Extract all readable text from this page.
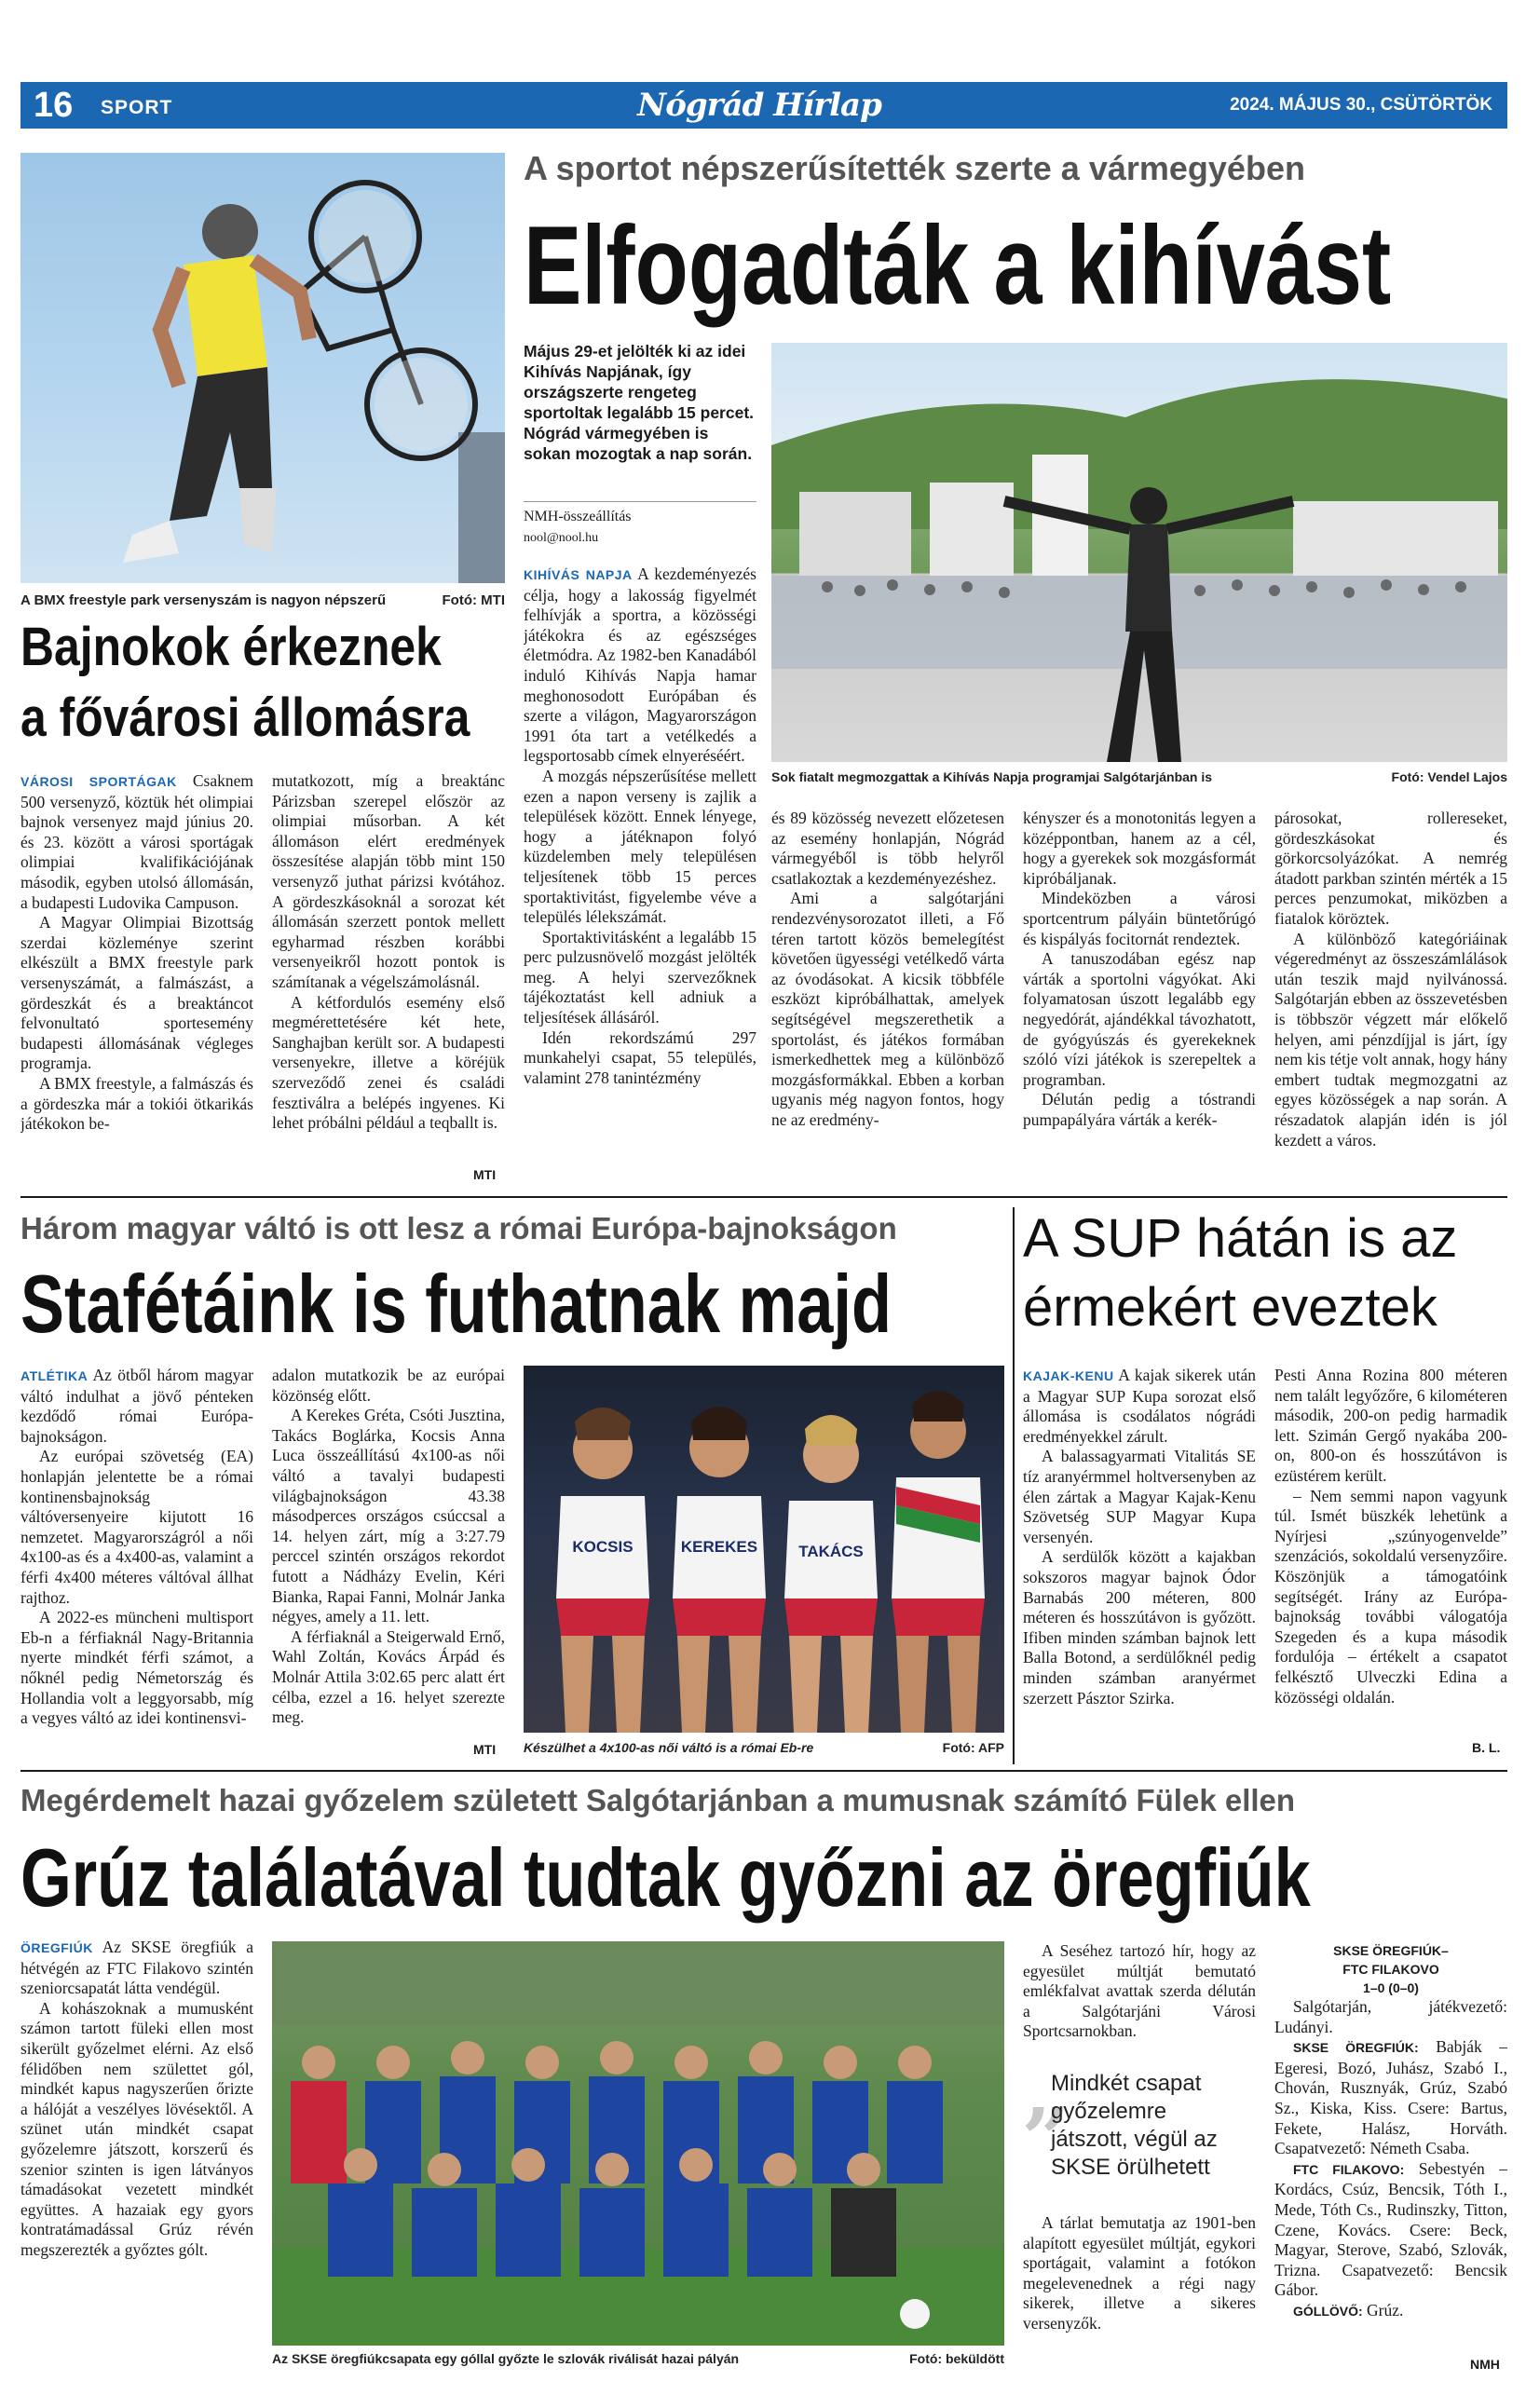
16 SPORT	Nógrád Hírlap	2024. MÁJUS 30., CSÜTÖRTÖK
A BMX freestyle park versenyszám is nagyon népszerű	Fotó: MTI
Bajnokok érkeznek
a fővárosi állomásra

VÁROSI SPORTÁGAK Csaknem 500 versenyző, köztük hét olimpiai bajnok versenyez majd június 20. és 23. között a városi sportágak olimpiai kvalifikációjának második, egyben utolsó állomásán, a budapesti Ludovika Campuson.

A Magyar Olimpiai Bizottság szerdai közleménye szerint elkészült a BMX freestyle park versenyszámát, a falmászást, a gördeszkát és a breaktáncot felvonultató sportesemény budapesti állomásának végleges programja.

A BMX freestyle, a falmászás és a gördeszka már a tokiói ötkarikás játékokon be-

mutatkozott, míg a breaktánc Párizsban szerepel először az olimpiai műsorban. A két állomáson elért eredmények összesítése alapján több mint 150 versenyző juthat párizsi kvótához. A gördeszkásoknál a sorozat két állomásán szerzett pontok mellett egyharmad részben korábbi versenyeikről hozott pontok is számítanak a végelszámolásnál.

A kétfordulós esemény első megmérettetésére két hete, Sanghajban került sor. A budapesti versenyekre, illetve a köréjük szerveződő zenei és családi fesztiválra a belépés ingyenes. Ki lehet próbálni például a teqballt is.

MTI
A sportot népszerűsítették szerte a vármegyében
Elfogadták a kihívást
Május 29-et jelölték ki az idei Kihívás Napjának, így országszerte rengeteg sportoltak legalább 15 percet. Nógrád vármegyében is sokan mozogtak a nap során.
NMH-összeállítás
nool@nool.hu
Sok fiatalt megmozgattak a Kihívás Napja programjai Salgótarjánban is	Fotó: Vendel Lajos

KIHÍVÁS NAPJA A kezdeményezés célja, hogy a lakosság figyelmét felhívják a sportra, a közösségi játékokra és az egészséges életmódra. Az 1982-ben Kanadából induló Kihívás Napja hamar meghonosodott Európában és szerte a világon, Magyarországon 1991 óta tart a vetélkedés a legsportosabb címek elnyeréséért.

A mozgás népszerűsítése mellett ezen a napon verseny is zajlik a települések között. Ennek lényege, hogy a játéknapon folyó küzdelemben mely településen teljesítenek több 15 perces sportaktivitást, figyelembe véve a település lélekszámát.

Sportaktivitásként a legalább 15 perc pulzusnövelő mozgást jelölték meg. A helyi szervezőknek tájékoztatást kell adniuk a teljesítések állásáról.

Idén rekordszámú 297 munkahelyi csapat, 55 település, valamint 278 tanintézmény

és 89 közösség nevezett előzetesen az esemény honlapján, Nógrád vármegyéből is több helyről csatlakoztak a kezdeményezéshez.

Ami a salgótarjáni rendezvénysorozatot illeti, a Fő téren tartott közös bemelegítést követően ügyességi vetélkedő várta az óvodásokat. A kicsik többféle eszközt kipróbálhattak, amelyek segítségével megszerethetik a sportolást, és játékos formában ismerkedhettek meg a különböző mozgásformákkal. Ebben a korban ugyanis még nagyon fontos, hogy ne az eredmény-

kényszer és a monotonitás legyen a középpontban, hanem az a cél, hogy a gyerekek sok mozgásformát kipróbáljanak.

Mindeközben a városi sportcentrum pályáin büntetőrúgó és kispályás focitornát rendeztek.

A tanuszodában egész nap várták a sportolni vágyókat. Aki folyamatosan úszott legalább egy negyedórát, ajándékkal távozhatott, de gyógyúszás és gyerekeknek szóló vízi játékok is szerepeltek a programban.

Délután pedig a tóstrandi pumpapályára várták a kerék-

párosokat, rollereseket, gördeszkásokat és görkorcsolyázókat. A nemrég átadott parkban szintén mérték a 15 perces penzumokat, miközben a fiatalok köröztek.

A különböző kategóriáinak végeredményt az összeszámlálások után teszik majd nyilvánossá. Salgótarján ebben az összevetésben is többször végzett már előkelő helyen, ami pénzdíjjal is járt, így nem kis tétje volt annak, hogy hány embert tudtak megmozgatni az egyes közösségek a nap során. A részadatok alapján idén is jól kezdett a város.

Három magyar váltó is ott lesz a római Európa-bajnokságon
Stafétáink is futhatnak majd

ATLÉTIKA Az ötből három magyar váltó indulhat a jövő pénteken kezdődő római Európa-bajnokságon.

Az európai szövetség (EA) honlapján jelentette be a római kontinensbajnokság váltóversenyeire kijutott 16 nemzetet. Magyarországról a női 4x100-as és a 4x400-as, valamint a férfi 4x400 méteres váltóval állhat rajthoz.

A 2022-es müncheni multisport Eb-n a férfiaknál Nagy-Britannia nyerte mindkét férfi számot, a nőknél pedig Németország és Hollandia volt a leggyorsabb, míg a vegyes váltó az idei kontinensvi-

adalon mutatkozik be az európai közönség előtt.

A Kerekes Gréta, Csóti Jusztina, Takács Boglárka, Kocsis Anna Luca összeállítású 4x100-as női váltó a tavalyi budapesti világbajnokságon 43.38 másodperces országos csúccsal a 14. helyen zárt, míg a 3:27.79 perccel szintén országos rekordot futott a Nádházy Evelin, Kéri Bianka, Rapai Fanni, Molnár Janka négyes, amely a 11. lett.

A férfiaknál a Steigerwald Ernő, Wahl Zoltán, Kovács Árpád és Molnár Attila 3:02.65 perc alatt ért célba, ezzel a 16. helyet szerezte meg.

MTI
KOCSIS	KEREKES	TAKÁCS
Készülhet a 4x100-as női váltó is a római Eb-re	Fotó: AFP
A SUP hátán is az
érmekért eveztek

KAJAK-KENU A kajak sikerek után a Magyar SUP Kupa sorozat első állomása is csodálatos nógrádi eredményekkel zárult.

A balassagyarmati Vitalitás SE tíz aranyérmmel holtversenyben az élen zártak a Magyar Kajak-Kenu Szövetség SUP Magyar Kupa versenyén.

A serdülők között a kajakban sokszoros magyar bajnok Ódor Barnabás 200 méteren, 800 méteren és hosszútávon is győzött. Ifiben minden számban bajnok lett Balla Botond, a serdülőknél pedig minden számban aranyérmet szerzett Pásztor Szirka.

Pesti Anna Rozina 800 méteren nem talált legyőzőre, 6 kilométeren második, 200-on pedig harmadik lett. Szimán Gergő nyakába 200-on, 800-on és hosszútávon is ezüstérem került.

– Nem semmi napon vagyunk túl. Ismét büszkék lehetünk a Nyírjesi „szúnyogenvelde” szenzációs, sokoldalú versenyzőire. Köszönjük a támogatóink segítségét. Irány az Európa-bajnokság további válogatója Szegeden és a kupa második fordulója – értékelt a csapatot felkésztő Ulveczki Edina a közösségi oldalán.

B. L.
Megérdemelt hazai győzelem született Salgótarjánban a mumusnak számító Fülek ellen
Grúz találatával tudtak győzni az öregfiúk

ÖREGFIÚK Az SKSE öregfiúk a hétvégén az FTC Filakovo szintén szeniorcsapatát látta vendégül.

A kohászoknak a mumusként számon tartott füleki ellen most sikerült győzelmet elérni. Az első félidőben nem születtet gól, mindkét kapus nagyszerűen őrizte a hálóját a veszélyes lövésektől. A szünet után mindkét csapat győzelemre játszott, korszerű és szenior szinten is igen látványos támadásokat vezetett mindkét együttes. A hazaiak egy gyors kontratámadással Grúz révén megszerezték a győztes gólt.

Az SKSE öregfiúkcsapata egy góllal győzte le szlovák riválisát hazai pályán	Fotó: beküldött

A Seséhez tartozó hír, hogy az egyesület múltját bemutató emlékfalvat avattak szerda délután a Salgótarjáni Városi Sportcsarnokban.

„
Mindkét csapat győzelemre játszott, végül az SKSE örülhetett

A tárlat bemutatja az 1901-ben alapított egyesület múltját, egykori sportágait, valamint a fotókon megelevenednek a régi nagy sikerek, illetve a sikeres versenyzők.

SKSE ÖREGFIÚK–
FTC FILAKOVO
1–0 (0–0)

Salgótarján, játékvezető: Ludányi.

SKSE ÖREGFIÚK: Babják – Egeresi, Bozó, Juhász, Szabó I., Chován, Rusznyák, Grúz, Szabó Sz., Kiska, Kiss. Csere: Bartus, Fekete, Halász, Horváth. Csapatvezető: Németh Csaba.

FTC FILAKOVO: Sebestyén – Kordács, Csúz, Bencsik, Tóth I., Mede, Tóth Cs., Rudinszky, Titton, Czene, Kovács. Csere: Beck, Magyar, Sterove, Szabó, Szlovák, Trizna. Csapatvezető: Bencsik Gábor.

GÓLLÖVŐ: Grúz.

NMH
